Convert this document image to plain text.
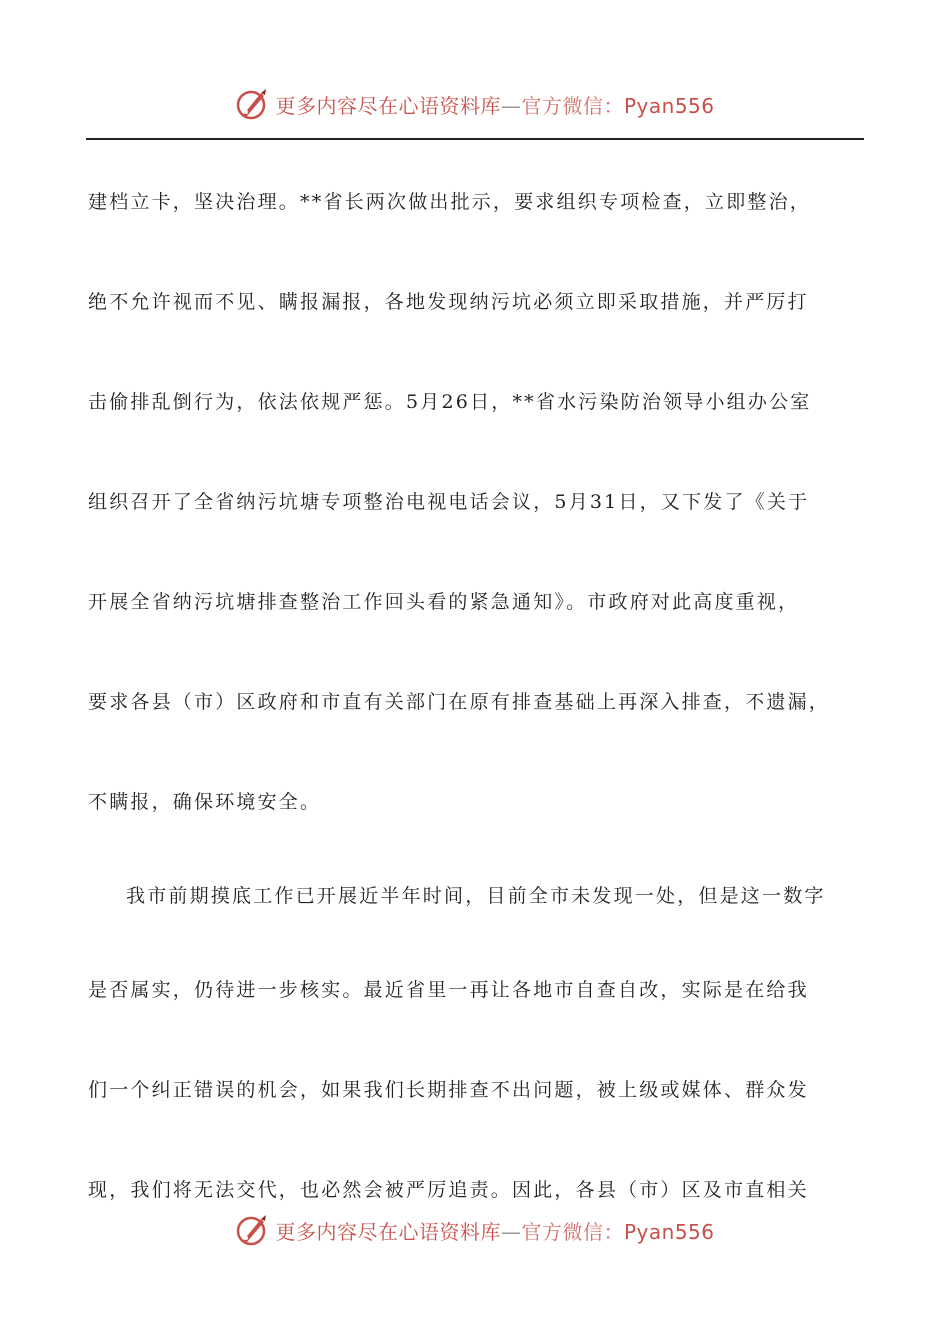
更多内容尽在心语资料库—官方微信：Pyan556

建档立卡，坚决治理。**省长两次做出批示，要求组织专项检查，立即整治，

绝不允许视而不见、瞒报漏报，各地发现纳污坑必须立即采取措施，并严厉打

击偷排乱倒行为，依法依规严惩。5月26日，**省水污染防治领导小组办公室

组织召开了全省纳污坑塘专项整治电视电话会议，5月31日，又下发了《关于

开展全省纳污坑塘排查整治工作回头看的紧急通知》。市政府对此高度重视，

要求各县（市）区政府和市直有关部门在原有排查基础上再深入排查，不遗漏，

不瞒报，确保环境安全。

我市前期摸底工作已开展近半年时间，目前全市未发现一处，但是这一数字

是否属实，仍待进一步核实。最近省里一再让各地市自查自改，实际是在给我

们一个纠正错误的机会，如果我们长期排查不出问题，被上级或媒体、群众发

现，我们将无法交代，也必然会被严厉追责。因此，各县（市）区及市直相关

更多内容尽在心语资料库—官方微信：Pyan556
